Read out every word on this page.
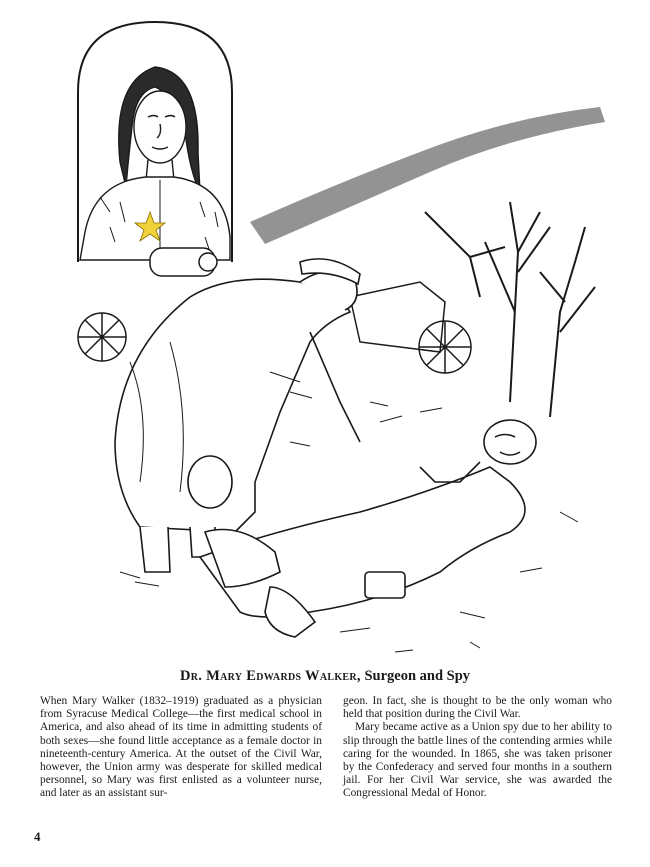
Dr. Mary Edwards Walker, Surgeon and Spy

When Mary Walker (1832–1919) graduated as a physician from Syracuse Medical College—the first medical school in America, and also ahead of its time in admitting students of both sexes—she found little acceptance as a female doctor in nineteenth-century America. At the outset of the Civil War, however, the Union army was desperate for skilled medical personnel, so Mary was first enlisted as a volunteer nurse, and later as an assistant sur-

geon. In fact, she is thought to be the only woman who held that position during the Civil War.

Mary became active as a Union spy due to her ability to slip through the battle lines of the contending armies while caring for the wounded. In 1865, she was taken prisoner by the Confederacy and served four months in a southern jail. For her Civil War service, she was awarded the Congressional Medal of Honor.

4
